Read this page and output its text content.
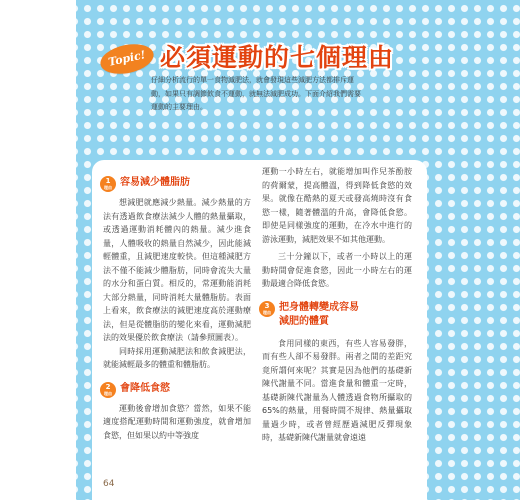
Topic! 必須運動的七個理由
仔細分析流行的單一食物減肥法，就會發現這些減肥方法都排斥運動，如果只有調節飲食不運動，就無法減肥成功。下面介紹我們需要運動的主要理由。
1
理由 容易減少體脂肪

想減肥就應減少熱量。減少熱量的方法有透過飲食療法減少人體的熱量攝取，或透過運動消耗體內的熱量。減少進食量，人體吸收的熱量自然減少，因此能減輕體重，且減肥速度較快。但這種減肥方法不僅不能減少體脂肪，同時會流失大量的水分和蛋白質。相反的，常運動能消耗大部分熱量，同時消耗大量體脂肪。表面上看來，飲食療法的減肥速度高於運動療法，但是從體脂肪的變化來看，運動減肥法的效果優於飲食療法（請參照圖表）。

同時採用運動減肥法和飲食減肥法，就能減輕最多的體重和體脂肪。

2
理由 會降低食慾

運動後會增加食慾？當然，如果不能適度搭配運動時間和運動強度，就會增加食慾，但如果以約中等強度

運動一小時左右，就能增加叫作兒茶酚胺的荷爾蒙，提高體溫，得到降低食慾的效果。就像在酷熱的夏天或發高燒時沒有食慾一樣，隨著體溫的升高，會降低食慾。即使是同樣強度的運動，在冷水中進行的游泳運動，減肥效果不如其他運動。

三十分鐘以下，或者一小時以上的運動時間會促進食慾，因此一小時左右的運動最適合降低食慾。

3
理由 把身體轉變成容易
減肥的體質

食用同樣的東西，有些人容易發胖，而有些人卻不易發胖。兩者之間的差距究竟所謂何來呢？其實是因為他們的基礎新陳代謝量不同。當進食量和體重一定時，基礎新陳代謝量為人體透過食物所攝取的65%的熱量，用餐時間不規律、熱量攝取量過少時，或者曾經歷過減肥反彈現象時，基礎新陳代謝量就會遠遠

64
